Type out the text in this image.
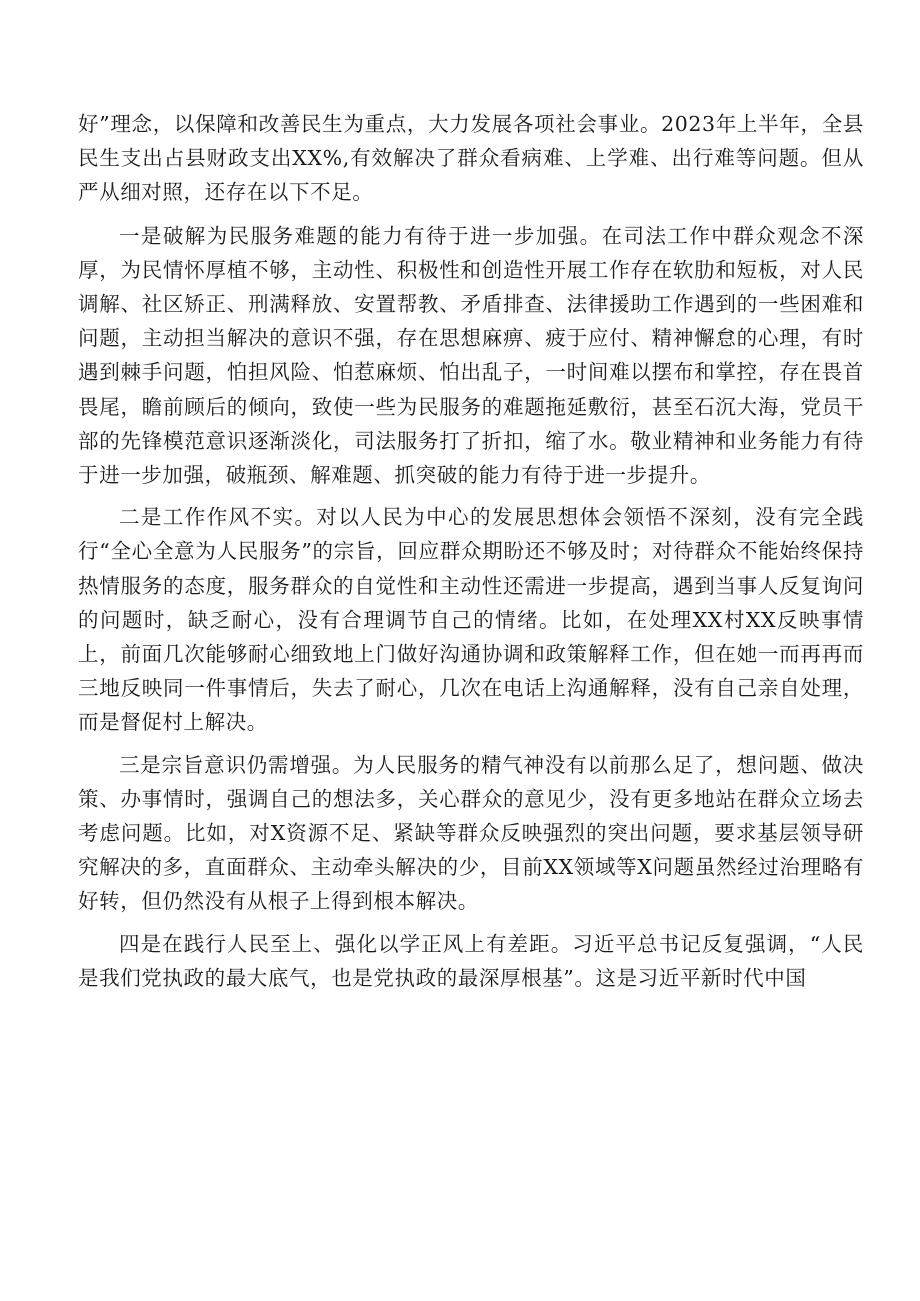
好”理念，以保障和改善民生为重点，大力发展各项社会事业。2023年上半年，全县民生支出占县财政支出XX%,有效解决了群众看病难、上学难、出行难等问题。但从严从细对照，还存在以下不足。

一是破解为民服务难题的能力有待于进一步加强。在司法工作中群众观念不深厚，为民情怀厚植不够，主动性、积极性和创造性开展工作存在软肋和短板，对人民调解、社区矫正、刑满释放、安置帮教、矛盾排查、法律援助工作遇到的一些困难和问题，主动担当解决的意识不强，存在思想麻痹、疲于应付、精神懈怠的心理，有时遇到棘手问题，怕担风险、怕惹麻烦、怕出乱子，一时间难以摆布和掌控，存在畏首畏尾，瞻前顾后的倾向，致使一些为民服务的难题拖延敷衍，甚至石沉大海，党员干部的先锋模范意识逐渐淡化，司法服务打了折扣，缩了水。敬业精神和业务能力有待于进一步加强，破瓶颈、解难题、抓突破的能力有待于进一步提升。

二是工作作风不实。对以人民为中心的发展思想体会领悟不深刻，没有完全践行“全心全意为人民服务”的宗旨，回应群众期盼还不够及时；对待群众不能始终保持热情服务的态度，服务群众的自觉性和主动性还需进一步提高，遇到当事人反复询问的问题时，缺乏耐心，没有合理调节自己的情绪。比如，在处理XX村XX反映事情上，前面几次能够耐心细致地上门做好沟通协调和政策解释工作，但在她一而再再而三地反映同一件事情后，失去了耐心，几次在电话上沟通解释，没有自己亲自处理，而是督促村上解决。

三是宗旨意识仍需增强。为人民服务的精气神没有以前那么足了，想问题、做决策、办事情时，强调自己的想法多，关心群众的意见少，没有更多地站在群众立场去考虑问题。比如，对X资源不足、紧缺等群众反映强烈的突出问题，要求基层领导研究解决的多，直面群众、主动牵头解决的少，目前XX领域等X问题虽然经过治理略有好转，但仍然没有从根子上得到根本解决。

四是在践行人民至上、强化以学正风上有差距。习近平总书记反复强调，“人民是我们党执政的最大底气，也是党执政的最深厚根基”。这是习近平新时代中国
